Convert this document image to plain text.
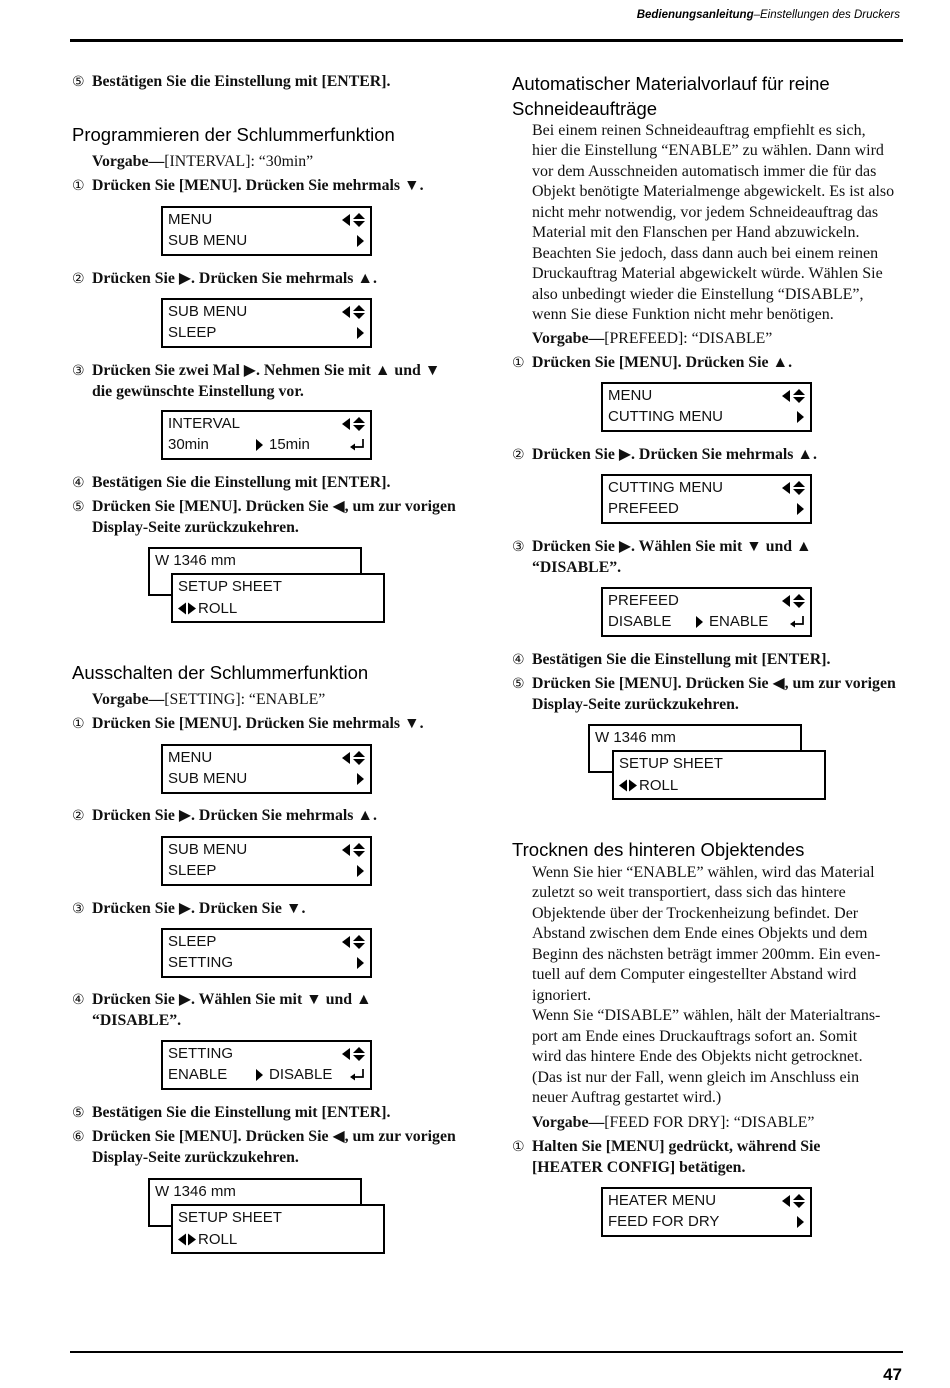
Bedienungsanleitung–Einstellungen des Druckers
⑤ Bestätigen Sie die Einstellung mit [ENTER].
Programmieren der Schlummerfunktion
Vorgabe—[INTERVAL]: “30min”
① Drücken Sie [MENU]. Drücken Sie mehrmals ▼.
MENU
SUB MENU
② Drücken Sie ▶. Drücken Sie mehrmals ▲.
SUB MENU
SLEEP
③ Drücken Sie zwei Mal ▶. Nehmen Sie mit ▲ und ▼
die gewünschte Einstellung vor.
INTERVAL
30min	15min
④ Bestätigen Sie die Einstellung mit [ENTER].
⑤ Drücken Sie [MENU]. Drücken Sie ◀, um zur vorigen
Display-Seite zurückzukehren.
W 1346 mm
SETUP SHEET
ROLL
Ausschalten der Schlummerfunktion
Vorgabe—[SETTING]: “ENABLE”
① Drücken Sie [MENU]. Drücken Sie mehrmals ▼.
MENU
SUB MENU
② Drücken Sie ▶. Drücken Sie mehrmals ▲.
SUB MENU
SLEEP
③ Drücken Sie ▶. Drücken Sie ▼.
SLEEP
SETTING
④ Drücken Sie ▶. Wählen Sie mit ▼ und ▲
“DISABLE”.
SETTING
ENABLE	DISABLE
⑤ Bestätigen Sie die Einstellung mit [ENTER].
⑥ Drücken Sie [MENU]. Drücken Sie ◀, um zur vorigen
Display-Seite zurückzukehren.
W 1346 mm
SETUP SHEET
ROLL
Automatischer Materialvorlauf für reine
Schneideaufträge
Bei einem reinen Schneideauftrag empfiehlt es sich,
hier die Einstellung “ENABLE” zu wählen. Dann wird
vor dem Ausschneiden automatisch immer die für das
Objekt benötigte Materialmenge abgewickelt. Es ist also
nicht mehr notwendig, vor jedem Schneideauftrag das
Material mit den Flanschen per Hand abzuwickeln.
Beachten Sie jedoch, dass dann auch bei einem reinen
Druckauftrag Material abgewickelt würde. Wählen Sie
also unbedingt wieder die Einstellung “DISABLE”,
wenn Sie diese Funktion nicht mehr benötigen.
Vorgabe—[PREFEED]: “DISABLE”
① Drücken Sie [MENU]. Drücken Sie ▲.
MENU
CUTTING MENU
② Drücken Sie ▶. Drücken Sie mehrmals ▲.
CUTTING MENU
PREFEED
③ Drücken Sie ▶. Wählen Sie mit ▼ und ▲
“DISABLE”.
PREFEED
DISABLE	ENABLE
④ Bestätigen Sie die Einstellung mit [ENTER].
⑤ Drücken Sie [MENU]. Drücken Sie ◀, um zur vorigen
Display-Seite zurückzukehren.
W 1346 mm
SETUP SHEET
ROLL
Trocknen des hinteren Objektendes
Wenn Sie hier “ENABLE” wählen, wird das Material
zuletzt so weit transportiert, dass sich das hintere
Objektende über der Trockenheizung befindet. Der
Abstand zwischen dem Ende eines Objekts und dem
Beginn des nächsten beträgt immer 200mm. Ein even-
tuell auf dem Computer eingestellter Abstand wird
ignoriert.
Wenn Sie “DISABLE” wählen, hält der Materialtrans-
port am Ende eines Druckauftrags sofort an. Somit
wird das hintere Ende des Objekts nicht getrocknet.
(Das ist nur der Fall, wenn gleich im Anschluss ein
neuer Auftrag gestartet wird.)
Vorgabe—[FEED FOR DRY]: “DISABLE”
① Halten Sie [MENU] gedrückt, während Sie
[HEATER CONFIG] betätigen.
HEATER MENU
FEED FOR DRY
47
